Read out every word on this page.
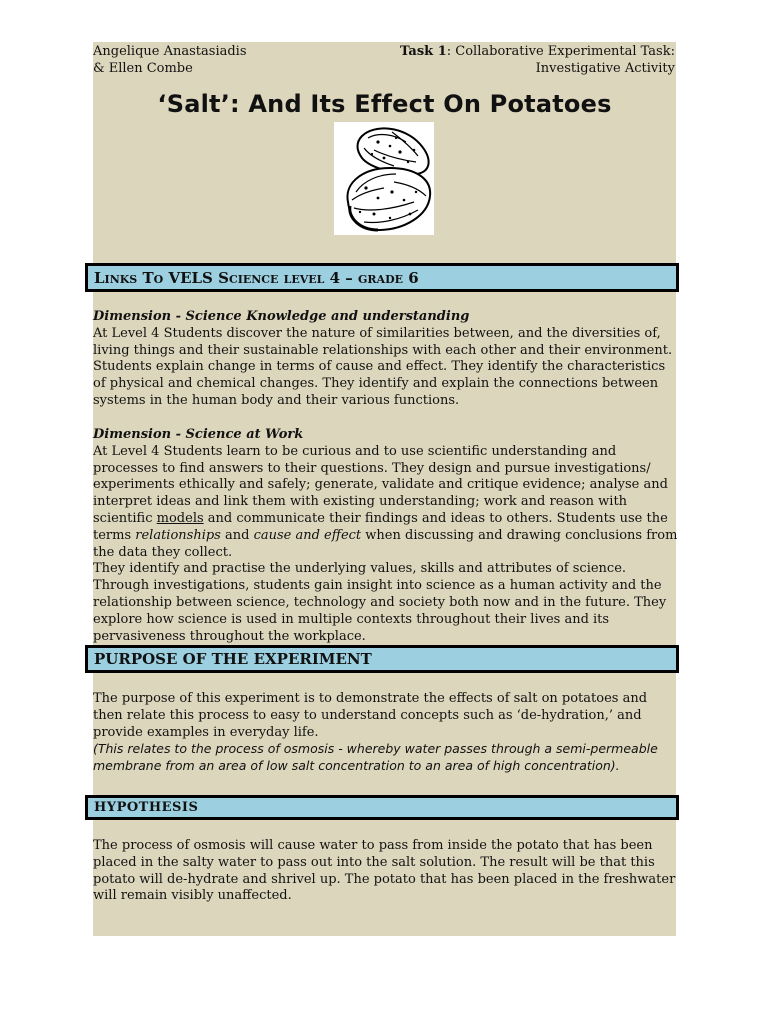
Angelique Anastasiadis
& Ellen Combe
Task 1: Collaborative Experimental Task:
Investigative Activity
‘Salt’: And Its Effect On Potatoes
Links To VELS Science level 4 – grade 6

Dimension - Science Knowledge and understanding

At Level 4 Students discover the nature of similarities between, and the diversities of, living things and their sustainable relationships with each other and their environment. Students explain change in terms of cause and effect. They identify the characteristics of physical and chemical changes. They identify and explain the connections between systems in the human body and their various functions.

Dimension - Science at Work

At Level 4 Students learn to be curious and to use scientific understanding and processes to find answers to their questions. They design and pursue investigations/ experiments ethically and safely; generate, validate and critique evidence; analyse and interpret ideas and link them with existing understanding; work and reason with scientific models and communicate their findings and ideas to others. Students use the terms relationships and cause and effect when discussing and drawing conclusions from the data they collect.

They identify and practise the underlying values, skills and attributes of science.

Through investigations, students gain insight into science as a human activity and the relationship between science, technology and society both now and in the future. They explore how science is used in multiple contexts throughout their lives and its pervasiveness throughout the workplace.

PURPOSE OF THE EXPERIMENT

The purpose of this experiment is to demonstrate the effects of salt on potatoes and then relate this process to easy to understand concepts such as ‘de-hydration,’ and provide examples in everyday life.

(This relates to the process of osmosis - whereby water passes through a semi-permeable membrane from an area of low salt concentration to an area of high concentration).

HYPOTHESIS

The process of osmosis will cause water to pass from inside the potato that has been placed in the salty water to pass out into the salt solution. The result will be that this potato will de-hydrate and shrivel up. The potato that has been placed in the freshwater will remain visibly unaffected.
